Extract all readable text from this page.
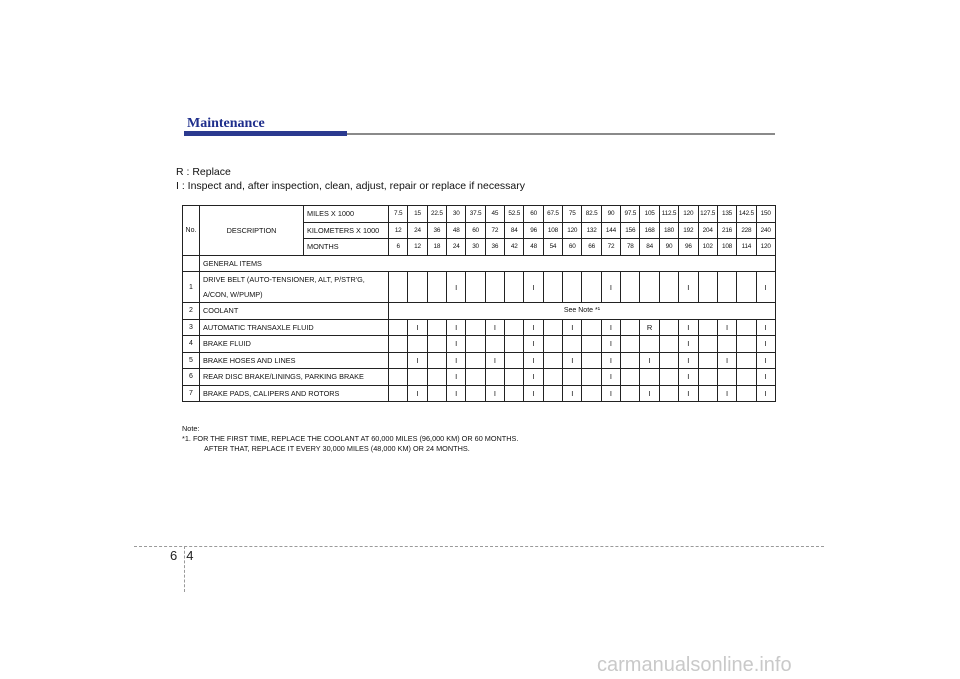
Maintenance
R : Replace
I : Inspect and, after inspection, clean, adjust, repair or replace if necessary
No.	DESCRIPTION	MILES X 1000	7.5	15	22.5	30	37.5	45	52.5	60	67.5	75	82.5	90	97.5	105	112.5	120	127.5	135	142.5	150
		KILOMETERS X 1000	12	24	36	48	60	72	84	96	108	120	132	144	156	168	180	192	204	216	228	240
		MONTHS	6	12	18	24	30	36	42	48	54	60	66	72	78	84	90	96	102	108	114	120
	GENERAL ITEMS																					
1	DRIVE BELT (AUTO-TENSIONER, ALT, P/STR'G,
A/CON, W/PUMP)					I				I				I				I				I
2	COOLANT		See Note *¹																			
3	AUTOMATIC TRANSAXLE FLUID			I		I		I		I		I		I		R		I		I		I
4	BRAKE FLUID					I				I				I				I				I
5	BRAKE HOSES AND LINES			I		I		I		I		I		I		I		I		I		I
6	REAR DISC BRAKE/LININGS, PARKING BRAKE					I				I				I				I				I
7	BRAKE PADS, CALIPERS AND ROTORS			I		I		I		I		I		I		I		I		I		I
Note:
*1. FOR THE FIRST TIME, REPLACE THE COOLANT AT 60,000 MILES (96,000 KM) OR 60 MONTHS.
AFTER THAT, REPLACE IT EVERY 30,000 MILES (48,000 KM) OR 24 MONTHS.
64
carmanualsonline.info
